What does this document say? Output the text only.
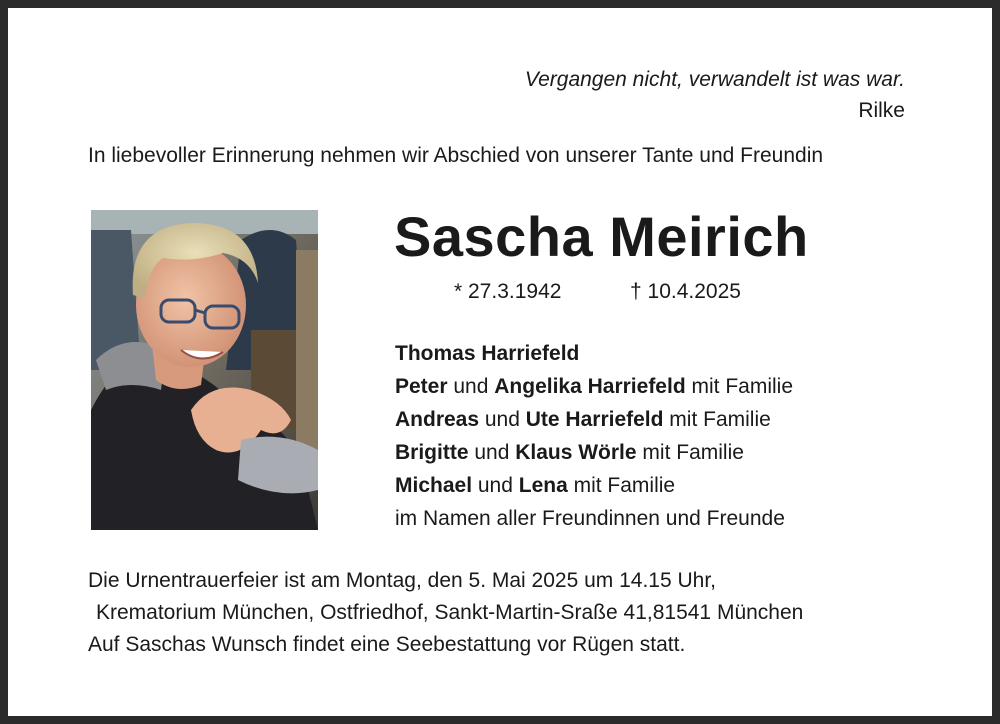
Vergangen nicht, verwandelt ist was war.
Rilke
In liebevoller Erinnerung nehmen wir Abschied von unserer Tante und Freundin
Sascha Meirich
* 27.3.1942	† 10.4.2025
Thomas Harriefeld
Peter und Angelika Harriefeld mit Familie
Andreas und Ute Harriefeld mit Familie
Brigitte und Klaus Wörle mit Familie
Michael und Lena mit Familie
im Namen aller Freundinnen und Freunde
Die Urnentrauerfeier ist am Montag, den 5. Mai 2025 um 14.15 Uhr,
Krematorium München, Ostfriedhof, Sankt-Martin-Sraße 41,81541 München
Auf Saschas Wunsch findet eine Seebestattung vor Rügen statt.
